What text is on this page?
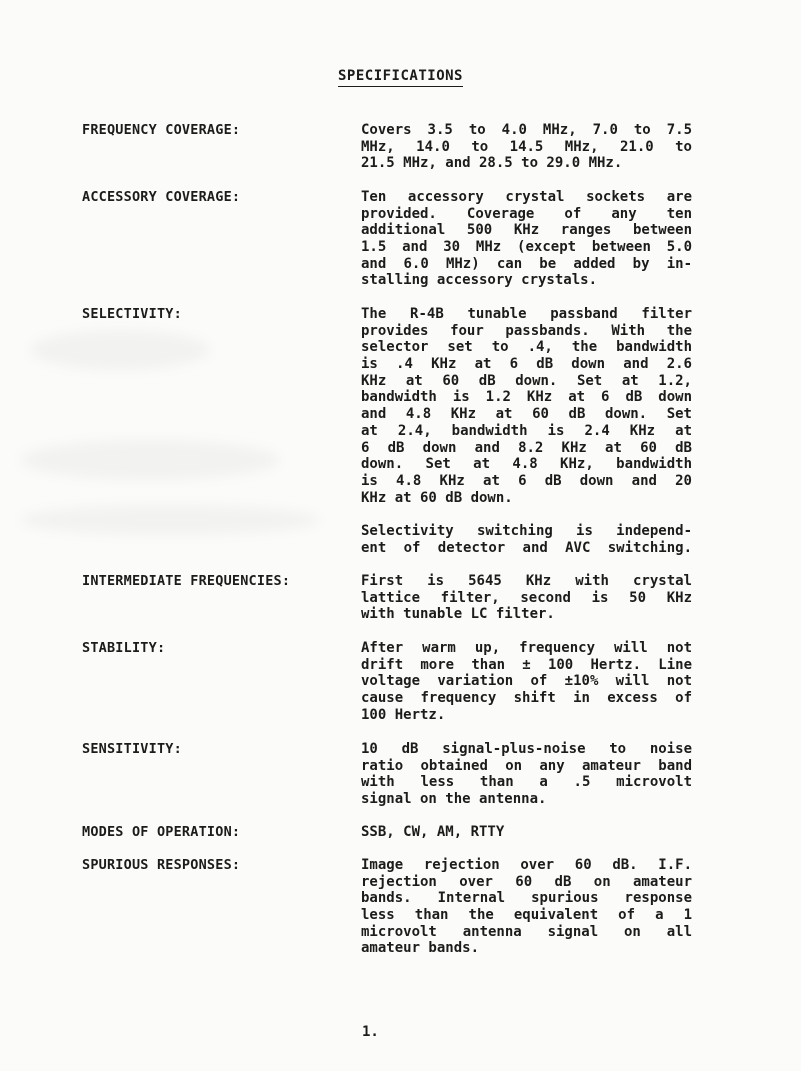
SPECIFICATIONS
FREQUENCY COVERAGE:	Covers 3.5 to 4.0 MHz, 7.0 to 7.5
MHz, 14.0 to 14.5 MHz, 21.0 to
21.5 MHz, and 28.5 to 29.0 MHz.
ACCESSORY COVERAGE:	Ten accessory crystal sockets are
provided. Coverage of any ten
additional 500 KHz ranges between
1.5 and 30 MHz (except between 5.0
and 6.0 MHz) can be added by in-
stalling accessory crystals.
SELECTIVITY:	The R-4B tunable passband filter
provides four passbands. With the
selector set to .4, the bandwidth
is .4 KHz at 6 dB down and 2.6
KHz at 60 dB down. Set at 1.2,
bandwidth is 1.2 KHz at 6 dB down
and 4.8 KHz at 60 dB down. Set
at 2.4, bandwidth is 2.4 KHz at
6 dB down and 8.2 KHz at 60 dB
down. Set at 4.8 KHz, bandwidth
is 4.8 KHz at 6 dB down and 20
KHz at 60 dB down.
Selectivity switching is independ-
ent of detector and AVC switching.
INTERMEDIATE FREQUENCIES:	First is 5645 KHz with crystal
lattice filter, second is 50 KHz
with tunable LC filter.
STABILITY:	After warm up, frequency will not
drift more than ± 100 Hertz. Line
voltage variation of ±10% will not
cause frequency shift in excess of
100 Hertz.
SENSITIVITY:	10 dB signal-plus-noise to noise
ratio obtained on any amateur band
with less than a .5 microvolt
signal on the antenna.
MODES OF OPERATION:	SSB, CW, AM, RTTY
SPURIOUS RESPONSES:	Image rejection over 60 dB. I.F.
rejection over 60 dB on amateur
bands. Internal spurious response
less than the equivalent of a 1
microvolt antenna signal on all
amateur bands.
1.
